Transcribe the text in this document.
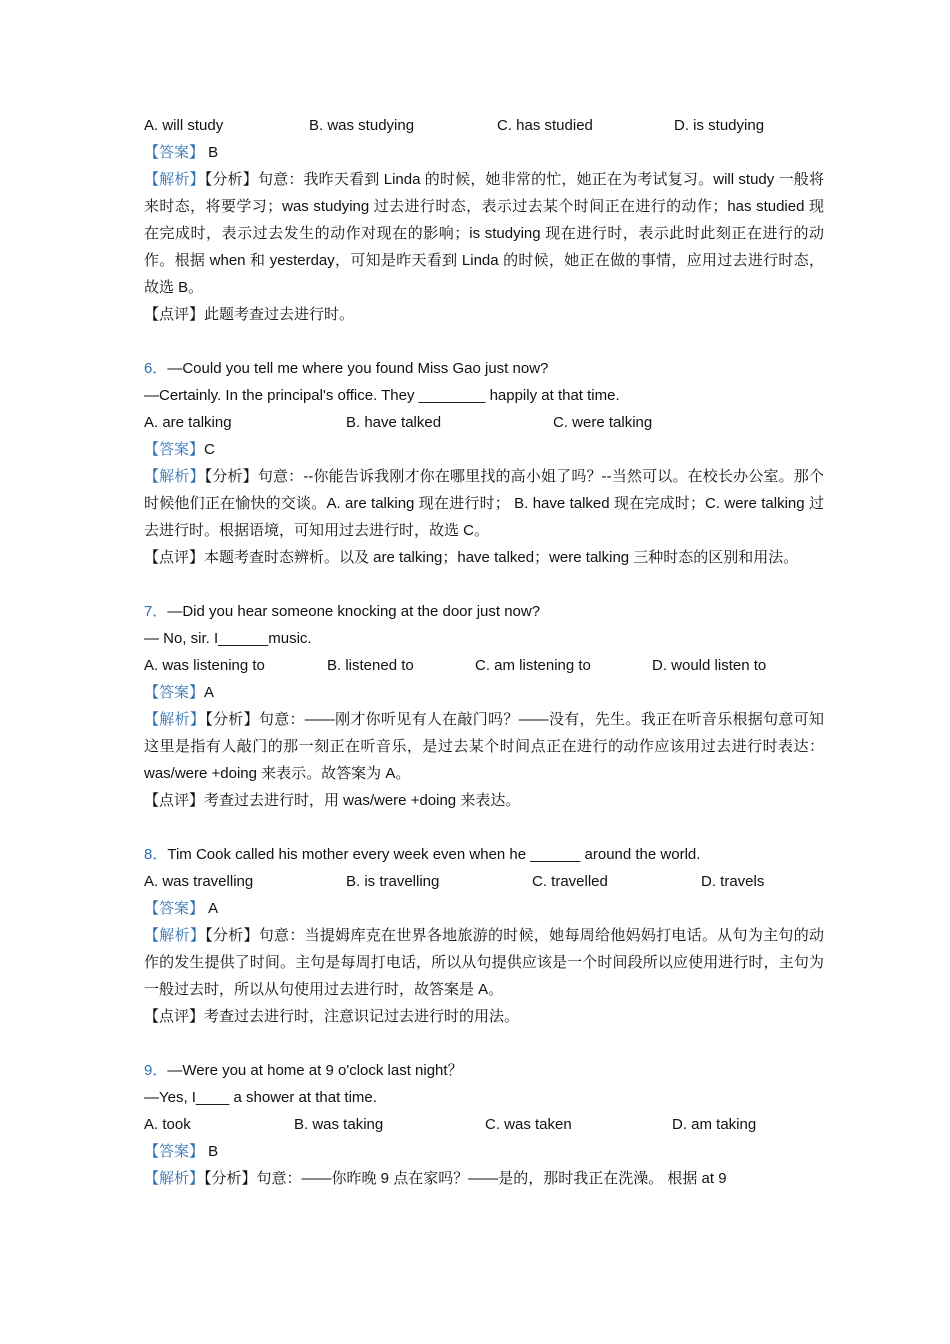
A. will study	B. was studying	C. has studied	D. is studying
【答案】 B
【解析】【分析】句意：我昨天看到 Linda 的时候，她非常的忙，她正在为考试复习。will study 一般将来时态，将要学习；was studying 过去进行时态，表示过去某个时间正在进行的动作；has studied 现在完成时，表示过去发生的动作对现在的影响；is studying 现在进行时，表示此时此刻正在进行的动作。根据 when 和 yesterday，可知是昨天看到 Linda 的时候，她正在做的事情，应用过去进行时态，故选 B。
【点评】此题考查过去进行时。
6．—Could you tell me where you found Miss Gao just now?
—Certainly. In the principal's office. They ________ happily at that time.
A. are talking	B. have talked	C. were talking
【答案】C
【解析】【分析】句意：--你能告诉我刚才你在哪里找的高小姐了吗？--当然可以。在校长办公室。那个时候他们正在愉快的交谈。A. are talking 现在进行时； B. have talked 现在完成时；C. were talking 过去进行时。根据语境，可知用过去进行时，故选 C。
【点评】本题考查时态辨析。以及 are talking；have talked；were talking 三种时态的区别和用法。
7．—Did you hear someone knocking at the door just now?
— No, sir. I______music.
A. was listening to	B. listened to	C. am listening to	D. would listen to
【答案】A
【解析】【分析】句意：——刚才你听见有人在敲门吗？——没有，先生。我正在听音乐根据句意可知这里是指有人敲门的那一刻正在听音乐，是过去某个时间点正在进行的动作应该用过去进行时表达：was/were +doing 来表示。故答案为 A。
【点评】考查过去进行时，用 was/were +doing 来表达。
8．Tim Cook called his mother every week even when he ______ around the world.
A. was travelling	B. is travelling	C. travelled	D. travels
【答案】 A
【解析】【分析】句意：当提姆库克在世界各地旅游的时候，她每周给他妈妈打电话。从句为主句的动作的发生提供了时间。主句是每周打电话，所以从句提供应该是一个时间段所以应使用进行时，主句为一般过去时，所以从句使用过去进行时，故答案是 A。
【点评】考查过去进行时，注意识记过去进行时的用法。
9．—Were you at home at 9 o'clock last night？
—Yes, I____ a shower at that time.
A. took	B. was taking	C. was taken	D. am taking
【答案】 B
【解析】【分析】句意：——你昨晚 9 点在家吗？——是的，那时我正在洗澡。 根据 at 9
